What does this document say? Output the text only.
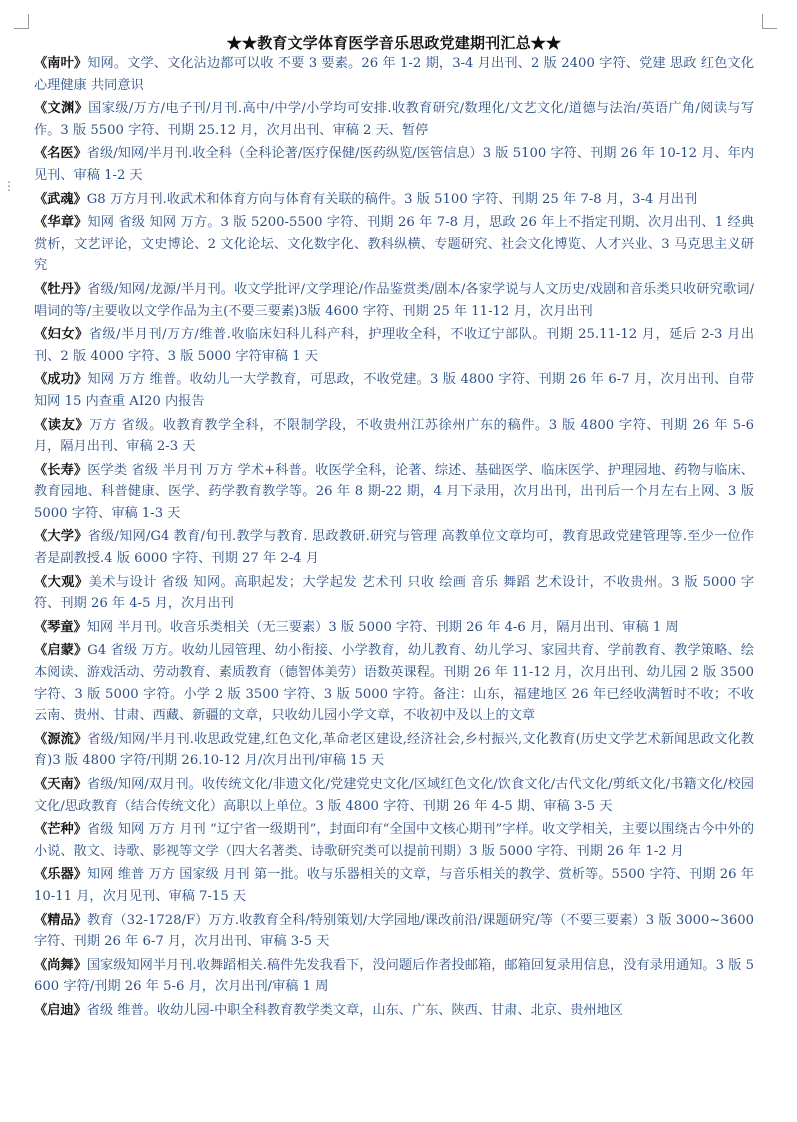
⋮
★★教育文学体育医学音乐思政党建期刊汇总★★

《南叶》知网。文学、文化沾边都可以收 不要 3 要素。26 年 1-2 期，3-4 月出刊、2 版 2400 字符、党建 思政 红色文化 心理健康 共同意识

《文渊》国家级/万方/电子刊/月刊.高中/中学/小学均可安排.收教育研究/数理化/文艺文化/道德与法治/英语广角/阅读与写作。3 版 5500 字符、刊期 25.12 月，次月出刊、审稿 2 天、暂停

《名医》省级/知网/半月刊.收全科（全科论著/医疗保健/医药纵览/医管信息）3 版 5100 字符、刊期 26 年 10-12 月、年内见刊、审稿 1-2 天

《武魂》G8 万方月刊.收武术和体育方向与体育有关联的稿件。3 版 5100 字符、刊期 25 年 7-8 月，3-4 月出刊

《华章》知网 省级 知网 万方。3 版 5200-5500 字符、刊期 26 年 7-8 月，思政 26 年上不指定刊期、次月出刊、1 经典赏析，文艺评论，文史博论、2 文化论坛、文化数字化、教科纵横、专题研究、社会文化博览、人才兴业、3 马克思主义研究

《牡丹》省级/知网/龙源/半月刊。收文学批评/文学理论/作品鉴赏类/剧本/各家学说与人文历史/戏剧和音乐类只收研究歌词/唱词的等/主要收以文学作品为主(不要三要素)3版 4600 字符、刊期 25 年 11-12 月，次月出刊

《妇女》省级/半月刊/万方/维普.收临床妇科儿科产科，护理收全科，不收辽宁部队。刊期 25.11-12 月，延后 2-3 月出刊、2 版 4000 字符、3 版 5000 字符审稿 1 天

《成功》知网 万方 维普。收幼儿一大学教育，可思政，不收党建。3 版 4800 字符、刊期 26 年 6-7 月，次月出刊、自带知网 15 内查重 AI20 内报告

《读友》万方 省级。收教育教学全科，不限制学段，不收贵州江苏徐州广东的稿件。3 版 4800 字符、刊期 26 年 5-6 月，隔月出刊、审稿 2-3 天

《长寿》医学类 省级 半月刊 万方 学术+科普。收医学全科，论著、综述、基础医学、临床医学、护理园地、药物与临床、教育园地、科普健康、医学、药学教育教学等。26 年 8 期-22 期，4 月下录用，次月出刊，出刊后一个月左右上网、3 版 5000 字符、审稿 1-3 天

《大学》省级/知网/G4 教育/旬刊.教学与教育. 思政教研.研究与管理 高教单位文章均可，教育思政党建管理等.至少一位作者是副教授.4 版 6000 字符、刊期 27 年 2-4 月

《大观》美术与设计 省级 知网。高职起发；大学起发 艺术刊 只收 绘画 音乐 舞蹈 艺术设计，不收贵州。3 版 5000 字符、刊期 26 年 4-5 月，次月出刊

《琴童》知网 半月刊。收音乐类相关（无三要素）3 版 5000 字符、刊期 26 年 4-6 月，隔月出刊、审稿 1 周

《启蒙》G4 省级 万方。收幼儿园管理、幼小衔接、小学教育，幼儿教育、幼儿学习、家园共育、学前教育、教学策略、绘本阅读、游戏活动、劳动教育、素质教育（德智体美劳）语数英课程。刊期 26 年 11-12 月，次月出刊、幼儿园 2 版 3500 字符、3 版 5000 字符。小学 2 版 3500 字符、3 版 5000 字符。备注：山东，福建地区 26 年已经收满暂时不收；不收云南、贵州、甘肃、西藏、新疆的文章，只收幼儿园小学文章，不收初中及以上的文章

《源流》省级/知网/半月刊.收思政党建,红色文化,革命老区建设,经济社会,乡村振兴,文化教育(历史文学艺术新闻思政文化教育)3 版 4800 字符/刊期 26.10-12 月/次月出刊/审稿 15 天

《天南》省级/知网/双月刊。收传统文化/非遗文化/党建党史文化/区域红色文化/饮食文化/古代文化/剪纸文化/书籍文化/校园文化/思政教育（结合传统文化）高职以上单位。3 版 4800 字符、刊期 26 年 4-5 期、审稿 3-5 天

《芒种》省级 知网 万方 月刊 “辽宁省一级期刊”，封面印有“全国中文核心期刊”字样。收文学相关，主要以围绕古今中外的小说、散文、诗歌、影视等文学（四大名著类、诗歌研究类可以提前刊期）3 版 5000 字符、刊期 26 年 1-2 月

《乐器》知网 维普 万方 国家级 月刊 第一批。收与乐器相关的文章，与音乐相关的教学、赏析等。5500 字符、刊期 26 年 10-11 月，次月见刊、审稿 7-15 天

《精品》教育（32-1728/F）万方.收教育全科/特别策划/大学园地/课改前沿/课题研究/等（不要三要素）3 版 3000~3600 字符、刊期 26 年 6-7 月，次月出刊、审稿 3-5 天

《尚舞》国家级知网半月刊.收舞蹈相关.稿件先发我看下，没问题后作者投邮箱，邮箱回复录用信息，没有录用通知。3 版 5600 字符/刊期 26 年 5-6 月，次月出刊/审稿 1 周

《启迪》省级 维普。收幼儿园-中职全科教育教学类文章，山东、广东、陕西、甘肃、北京、贵州地区
